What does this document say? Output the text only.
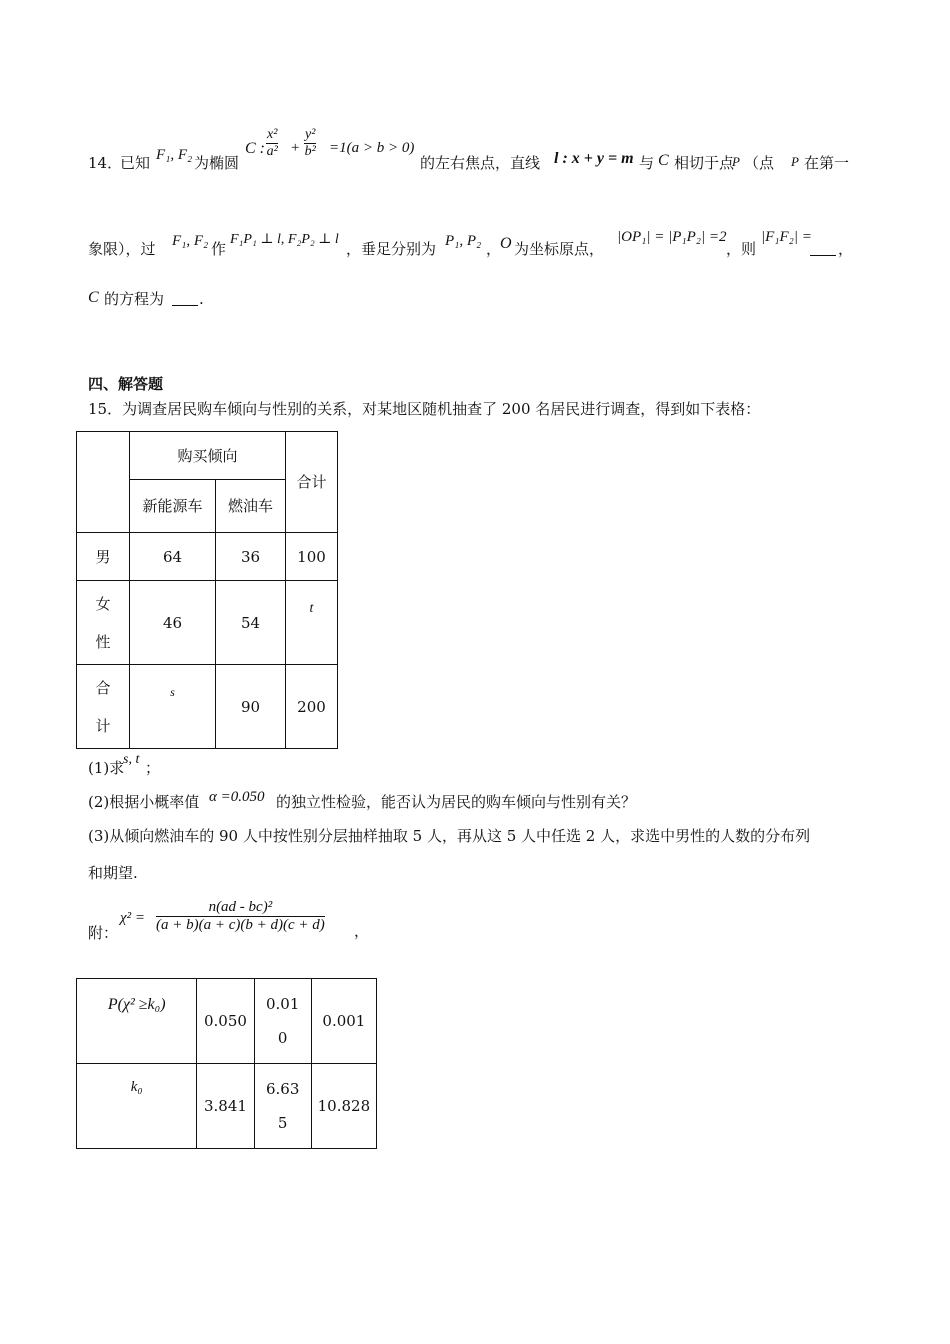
14．
已知 F₁, F₂ 为椭圆
C : $\frac{\text{x²}}{\text{a²}} + \frac{\text{y²}}{\text{b²}} =1(a > b > 0)$
的左右焦点，直线 l : x + y = m 与 C 相切于点
P （点 P 在第一
象限），过 F₁, F₂ 作
F₁P₁ ⊥ l, F₂P₂ ⊥ l
，垂足分别为 P₁, P₂ ，
O 为坐标原点，
|OP₁| = |P₁P₂| =2
，则
|F₁F₂| =
，
C 的方程为 .
四、解答题
15．为调查居民购车倾向与性别的关系，对某地区随机抽查了 200 名居民进行调查，得到如下表格：
	购买倾向		合计
	新能源车	燃油车	
男	64	36	100
女性	46	54	t
合计	s	90	200
(1)求
s, t ；
(2)根据小概率值 α =0.050 的独立性检验，能否认为居民的购车倾向与性别有关？
(3)从倾向燃油车的 90 人中按性别分层抽样抽取 5 人，再从这 5 人中任选 2 人，求选中男性的人数的分布列
和期望.
附：
$\chi^2 = \frac{\text{n(ad - bc)²}}{(a + b)(a + c)(b + d)(c + d)}$ ，
P(χ² ≥k₀)	0.050	0.010	0.001
k₀	3.841	6.635	10.828
